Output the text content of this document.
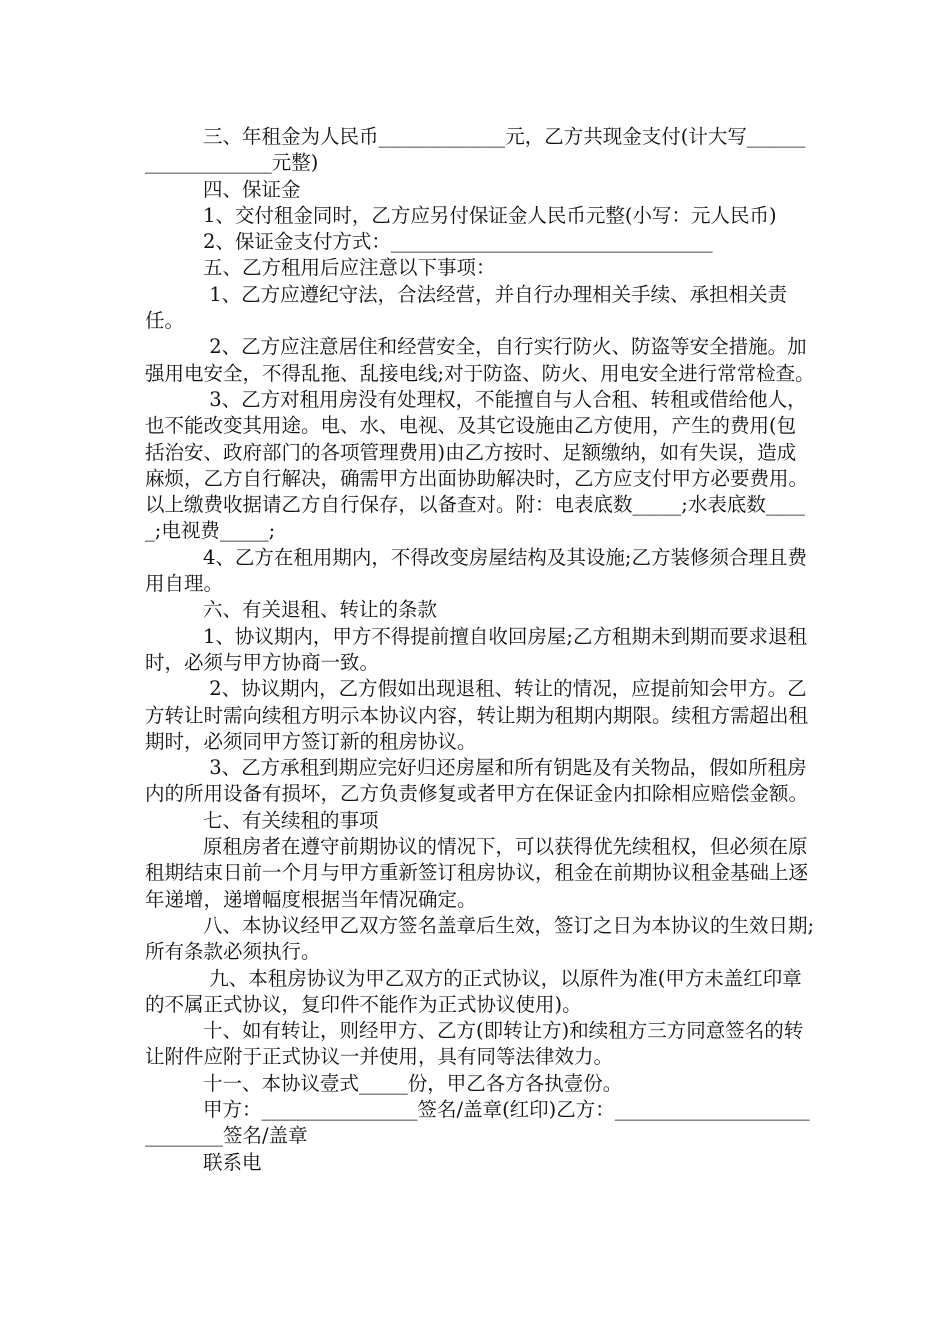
三、年租金为人民币_____________元，乙方共现金支付(计大写___________________元整)

四、保证金

1、交付租金同时，乙方应另付保证金人民币元整(小写：元人民币)

2、保证金支付方式：_________________________________

五、乙方租用后应注意以下事项：

1、乙方应遵纪守法，合法经营，并自行办理相关手续、承担相关责任。

2、乙方应注意居住和经营安全，自行实行防火、防盗等安全措施。加强用电安全，不得乱拖、乱接电线;对于防盗、防火、用电安全进行常常检查。

3、乙方对租用房没有处理权，不能擅自与人合租、转租或借给他人，也不能改变其用途。电、水、电视、及其它设施由乙方使用，产生的费用(包括治安、政府部门的各项管理费用)由乙方按时、足额缴纳，如有失误，造成麻烦，乙方自行解决，确需甲方出面协助解决时，乙方应支付甲方必要费用。以上缴费收据请乙方自行保存，以备查对。附：电表底数_____;水表底数_____;电视费_____;

4、乙方在租用期内，不得改变房屋结构及其设施;乙方装修须合理且费用自理。

六、有关退租、转让的条款

1、协议期内，甲方不得提前擅自收回房屋;乙方租期未到期而要求退租时，必须与甲方协商一致。

2、协议期内，乙方假如出现退租、转让的情况，应提前知会甲方。乙方转让时需向续租方明示本协议内容，转让期为租期内期限。续租方需超出租期时，必须同甲方签订新的租房协议。

3、乙方承租到期应完好归还房屋和所有钥匙及有关物品，假如所租房内的所用设备有损坏，乙方负责修复或者甲方在保证金内扣除相应赔偿金额。

七、有关续租的事项

原租房者在遵守前期协议的情况下，可以获得优先续租权，但必须在原租期结束日前一个月与甲方重新签订租房协议，租金在前期协议租金基础上逐年递增，递增幅度根据当年情况确定。

八、本协议经甲乙双方签名盖章后生效，签订之日为本协议的生效日期;所有条款必须执行。

九、本租房协议为甲乙双方的正式协议，以原件为准(甲方未盖红印章的不属正式协议，复印件不能作为正式协议使用)。

十、如有转让，则经甲方、乙方(即转让方)和续租方三方同意签名的转让附件应附于正式协议一并使用，具有同等法律效力。

十一、本协议壹式_____份，甲乙各方各执壹份。

甲方：________________签名/盖章(红印)乙方：____________________________签名/盖章

联系电
